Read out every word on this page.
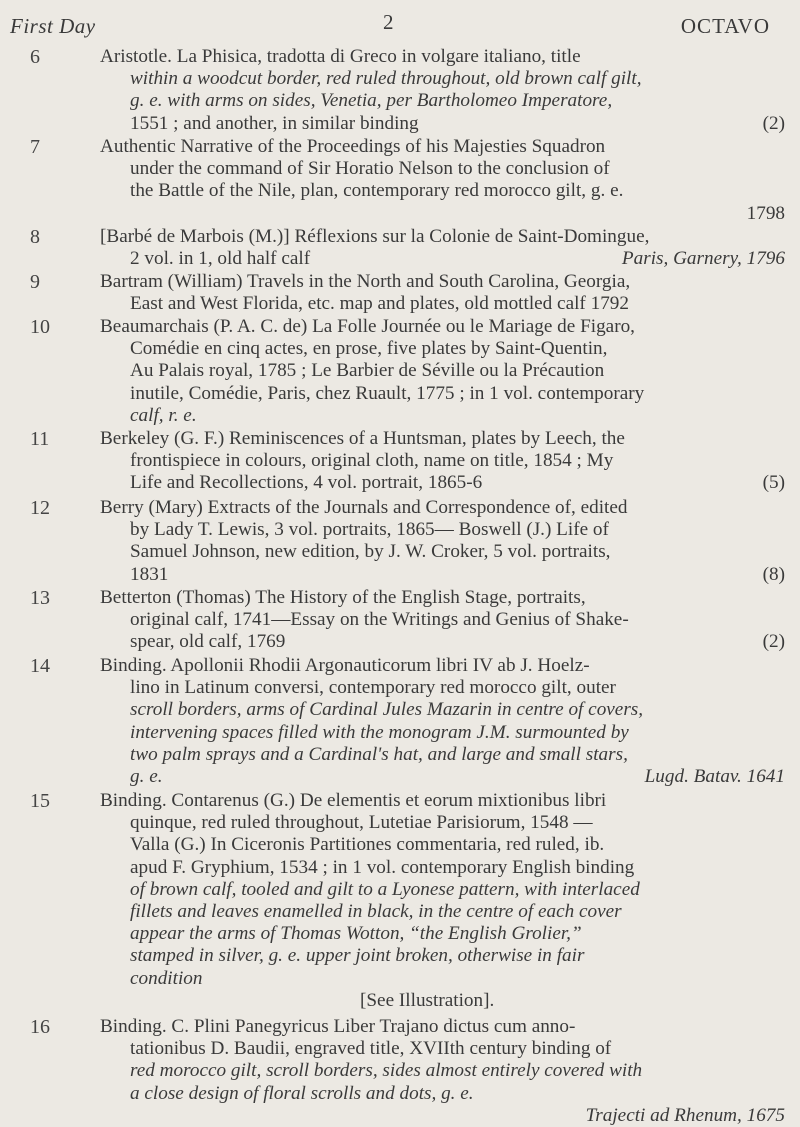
First Day	2	OCTAVO
6	Aristotle. La Phisica, tradotta di Greco in volgare italiano, title
within a woodcut border, red ruled throughout, old brown calf gilt,
g. e. with arms on sides, Venetia, per Bartholomeo Imperatore,
1551 ; and another, in similar binding	(2)
7	Authentic Narrative of the Proceedings of his Majesties Squadron
under the command of Sir Horatio Nelson to the conclusion of
the Battle of the Nile, plan, contemporary red morocco gilt, g. e.
1798
8	[Barbé de Marbois (M.)] Réflexions sur la Colonie de Saint-Domingue,
2 vol. in 1, old half calf	Paris, Garnery, 1796
9	Bartram (William) Travels in the North and South Carolina, Georgia,
East and West Florida, etc. map and plates, old mottled calf 1792
10	Beaumarchais (P. A. C. de) La Folle Journée ou le Mariage de Figaro,
Comédie en cinq actes, en prose, five plates by Saint-Quentin,
Au Palais royal, 1785 ; Le Barbier de Séville ou la Précaution
inutile, Comédie, Paris, chez Ruault, 1775 ; in 1 vol. contemporary
calf, r. e.
11	Berkeley (G. F.) Reminiscences of a Huntsman, plates by Leech, the
frontispiece in colours, original cloth, name on title, 1854 ; My
Life and Recollections, 4 vol. portrait, 1865-6	(5)
12	Berry (Mary) Extracts of the Journals and Correspondence of, edited
by Lady T. Lewis, 3 vol. portraits, 1865— Boswell (J.) Life of
Samuel Johnson, new edition, by J. W. Croker, 5 vol. portraits,
1831	(8)
13	Betterton (Thomas) The History of the English Stage, portraits,
original calf, 1741—Essay on the Writings and Genius of Shake-
spear, old calf, 1769	(2)
14	Binding. Apollonii Rhodii Argonauticorum libri IV ab J. Hoelz-
lino in Latinum conversi, contemporary red morocco gilt, outer
scroll borders, arms of Cardinal Jules Mazarin in centre of covers,
intervening spaces filled with the monogram J.M. surmounted by
two palm sprays and a Cardinal's hat, and large and small stars,
g. e.	Lugd. Batav. 1641
15	Binding. Contarenus (G.) De elementis et eorum mixtionibus libri
quinque, red ruled throughout, Lutetiae Parisiorum, 1548 —
Valla (G.) In Ciceronis Partitiones commentaria, red ruled, ib.
apud F. Gryphium, 1534 ; in 1 vol. contemporary English binding
of brown calf, tooled and gilt to a Lyonese pattern, with interlaced
fillets and leaves enamelled in black, in the centre of each cover
appear the arms of Thomas Wotton, “the English Grolier,”
stamped in silver, g. e. upper joint broken, otherwise in fair
condition
[See Illustration].
16	Binding. C. Plini Panegyricus Liber Trajano dictus cum anno-
tationibus D. Baudii, engraved title, XVIIth century binding of
red morocco gilt, scroll borders, sides almost entirely covered with
a close design of floral scrolls and dots, g. e.
Trajecti ad Rhenum, 1675
